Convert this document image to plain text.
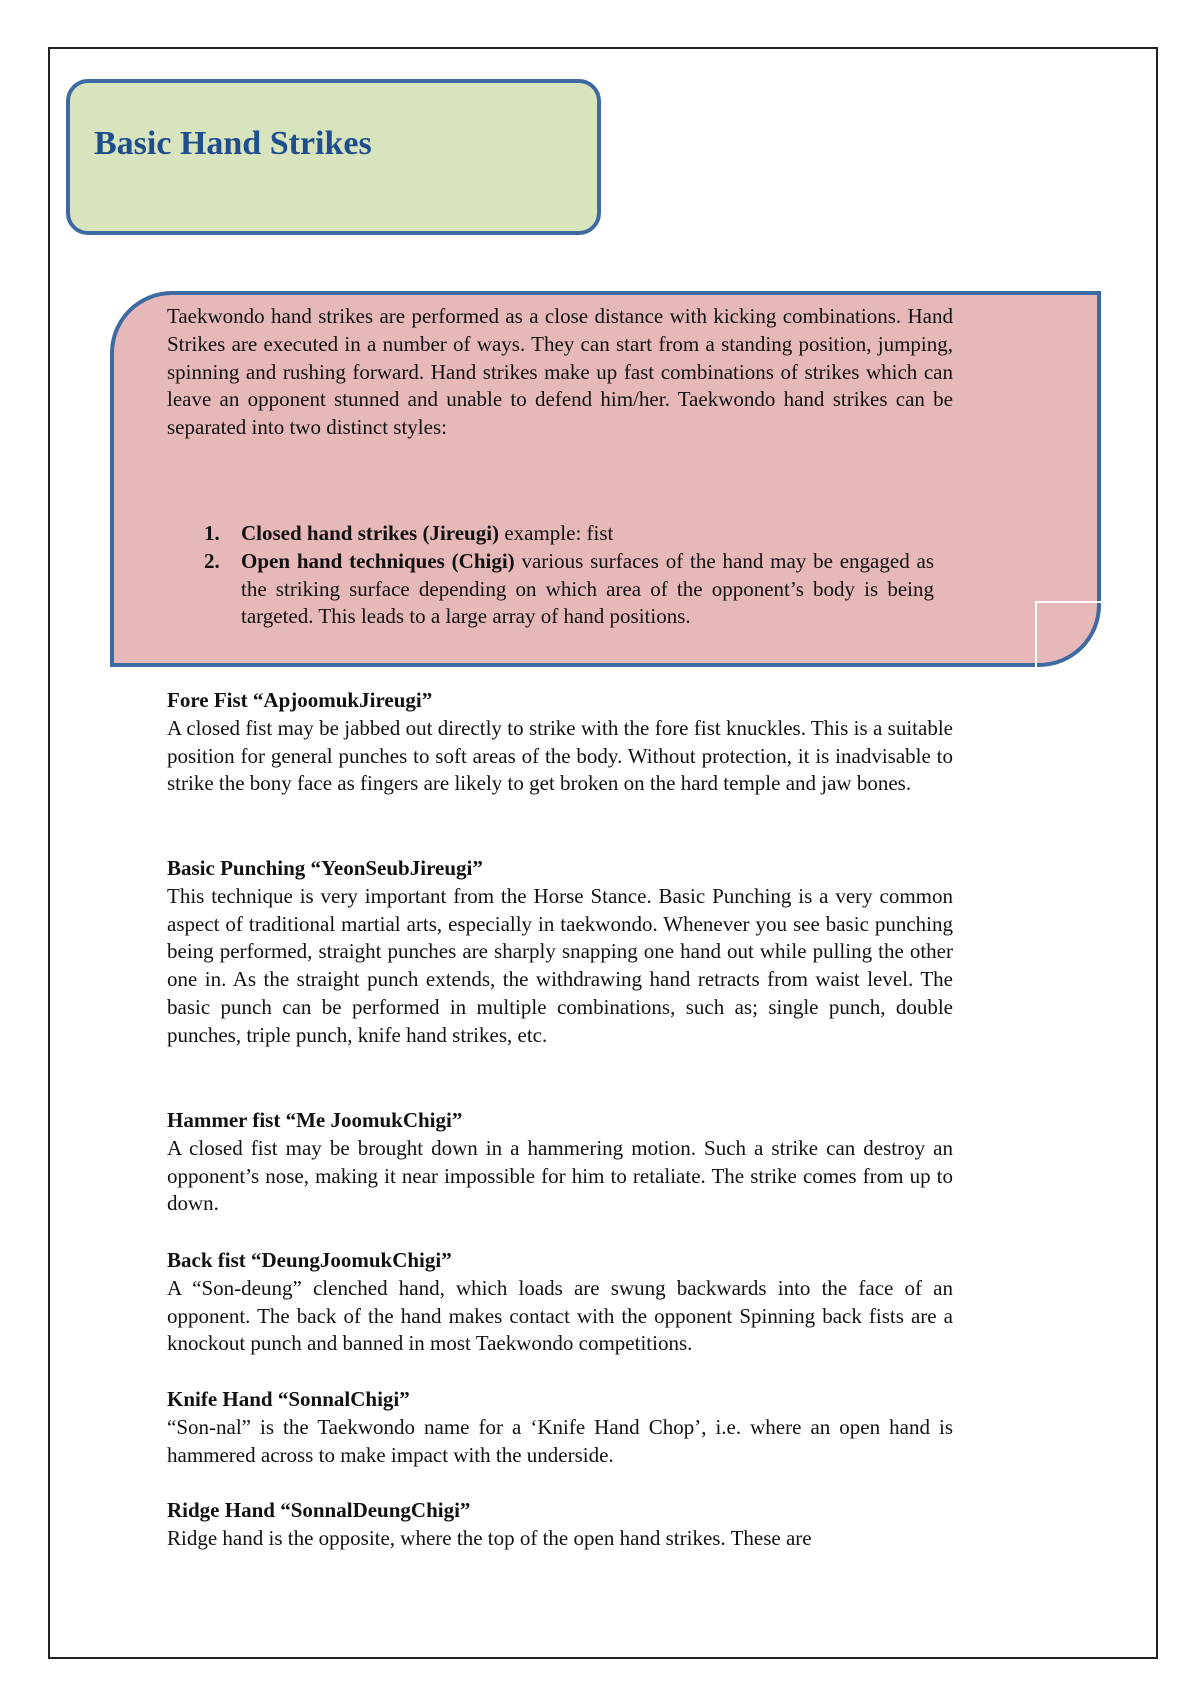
Basic Hand Strikes
Taekwondo hand strikes are performed as a close distance with kicking combinations. Hand Strikes are executed in a number of ways. They can start from a standing position, jumping, spinning and rushing forward. Hand strikes make up fast combinations of strikes which can leave an opponent stunned and unable to defend him/her. Taekwondo hand strikes can be separated into two distinct styles:
1. Closed hand strikes (Jireugi) example: fist
2. Open hand techniques (Chigi) various surfaces of the hand may be engaged as the striking surface depending on which area of the opponent’s body is being targeted. This leads to a large array of hand positions.
Fore Fist “ApjoomukJireugi”
A closed fist may be jabbed out directly to strike with the fore fist knuckles. This is a suitable position for general punches to soft areas of the body. Without protection, it is inadvisable to strike the bony face as fingers are likely to get broken on the hard temple and jaw bones.
Basic Punching “YeonSeubJireugi”
This technique is very important from the Horse Stance. Basic Punching is a very common aspect of traditional martial arts, especially in taekwondo. Whenever you see basic punching being performed, straight punches are sharply snapping one hand out while pulling the other one in. As the straight punch extends, the withdrawing hand retracts from waist level. The basic punch can be performed in multiple combinations, such as; single punch, double punches, triple punch, knife hand strikes, etc.
Hammer fist “Me JoomukChigi”
A closed fist may be brought down in a hammering motion. Such a strike can destroy an opponent’s nose, making it near impossible for him to retaliate. The strike comes from up to down.
Back fist “DeungJoomukChigi”
A “Son-deung” clenched hand, which loads are swung backwards into the face of an opponent. The back of the hand makes contact with the opponent Spinning back fists are a knockout punch and banned in most Taekwondo competitions.
Knife Hand “SonnalChigi”
“Son-nal” is the Taekwondo name for a ‘Knife Hand Chop’, i.e. where an open hand is hammered across to make impact with the underside.
Ridge Hand “SonnalDeungChigi”
Ridge hand is the opposite, where the top of the open hand strikes. These are
